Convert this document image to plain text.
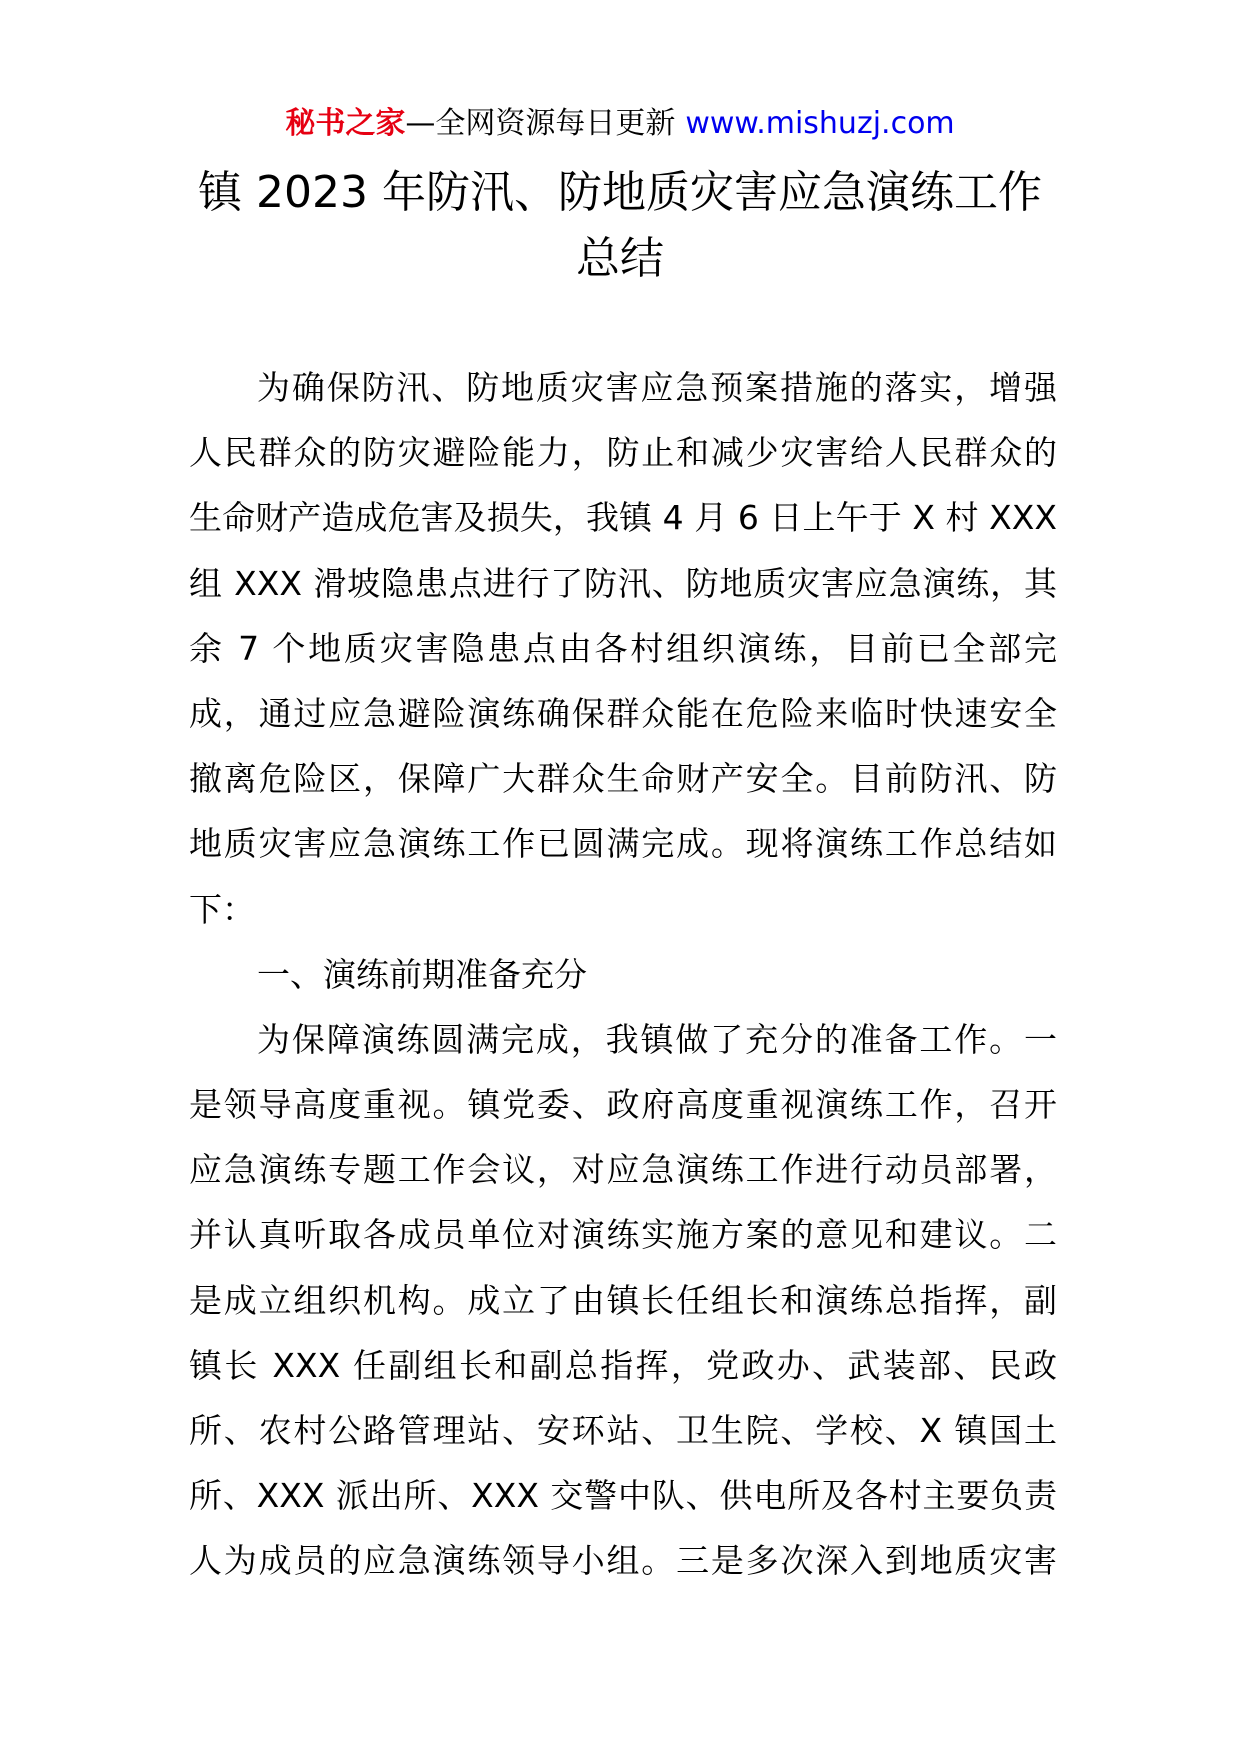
秘书之家—全网资源每日更新 www.mishuzj.com
镇 2023 年防汛、防地质灾害应急演练工作
总结
为确保防汛、防地质灾害应急预案措施的落实，增强
人民群众的防灾避险能力，防止和减少灾害给人民群众的
生命财产造成危害及损失，我镇 4 月 6 日上午于 X 村 XXX
组 XXX 滑坡隐患点进行了防汛、防地质灾害应急演练，其
余 7 个地质灾害隐患点由各村组织演练，目前已全部完
成，通过应急避险演练确保群众能在危险来临时快速安全
撤离危险区，保障广大群众生命财产安全。目前防汛、防
地质灾害应急演练工作已圆满完成。现将演练工作总结如
下：
一、演练前期准备充分
为保障演练圆满完成，我镇做了充分的准备工作。一
是领导高度重视。镇党委、政府高度重视演练工作，召开
应急演练专题工作会议，对应急演练工作进行动员部署，
并认真听取各成员单位对演练实施方案的意见和建议。二
是成立组织机构。成立了由镇长任组长和演练总指挥，副
镇长 XXX 任副组长和副总指挥，党政办、武装部、民政
所、农村公路管理站、安环站、卫生院、学校、X 镇国土
所、XXX 派出所、XXX 交警中队、供电所及各村主要负责
人为成员的应急演练领导小组。三是多次深入到地质灾害
